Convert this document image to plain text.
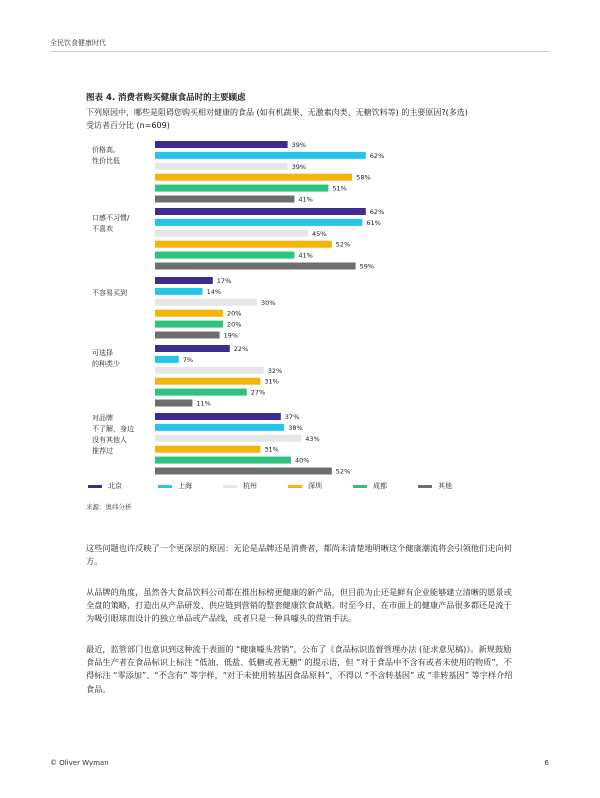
全民饮食健康时代
图表 4. 消费者购买健康食品时的主要顾虑
下列原因中，哪些是阻碍您购买相对健康的食品 (如有机蔬果、无激素肉类、无糖饮料等) 的主要原因?(多选)
受访者百分比 (n=609)
价格高,性价比低
39%
62%
39%
58%
51%
41%
口感不习惯/不喜欢
62%
61%
45%
52%
41%
59%
不容易买到
17%
14%
30%
20%
20%
19%
可选择的种类少
22%
7%
32%
31%
27%
11%
对品牌不了解，身边没有其他人推荐过
37%
38%
43%
31%
40%
52%
北京	上海	杭州	深圳	成都	其他
来源：奥纬分析
这些问题也许反映了一个更深层的原因：无论是品牌还是消费者，都尚未清楚地明晰这个健康潮流将会引领他们走向何方。
从品牌的角度，虽然各大食品饮料公司都在推出标榜更健康的新产品，但目前为止还是鲜有企业能够建立清晰的愿景或全盘的策略，打造出从产品研发、供应链到营销的整套健康饮食战略。时至今日，在市面上的健康产品很多都还是流于为吸引眼球而设计的独立单品或产品线，或者只是一种具噱头的营销手法。
最近，监管部门也意识到这种流于表面的 “健康噱头营销”，公布了《食品标识监督管理办法 (征求意见稿)》。新规鼓励食品生产者在食品标识上标注 “低油、低盐、低糖或者无糖” 的提示语，但 “对于食品中不含有或者未使用的物质”，不得标注 “零添加”、“不含有” 等字样，“对于未使用转基因食品原料”，不得以 “不含转基因” 或 “非转基因” 等字样介绍食品。
© Oliver Wyman	6
